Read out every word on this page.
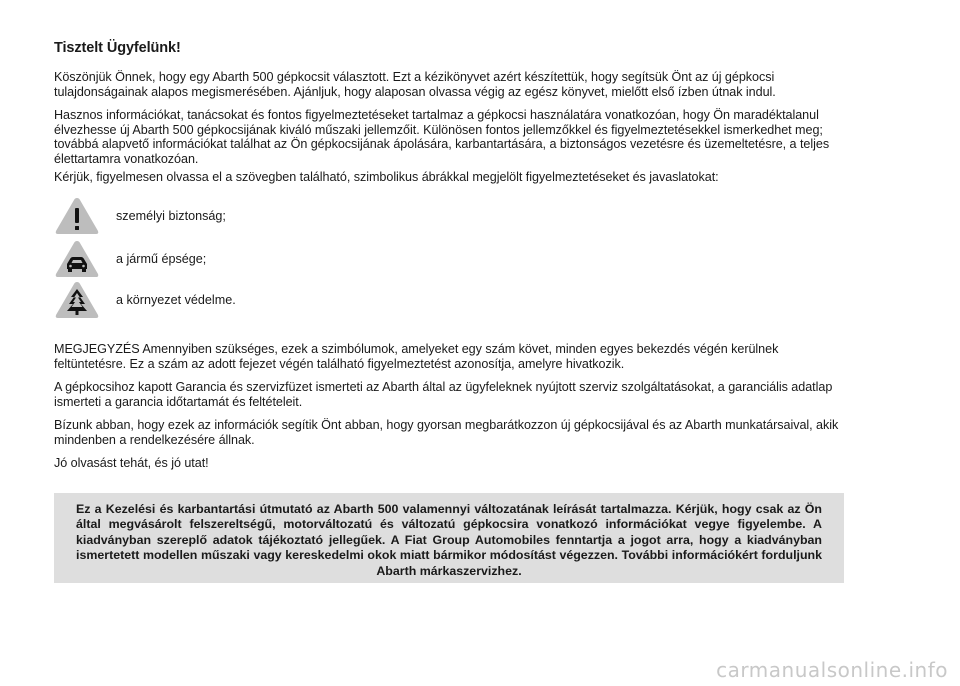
Tisztelt Ügyfelünk!

Köszönjük Önnek, hogy egy Abarth 500 gépkocsit választott. Ezt a kézikönyvet azért készítettük, hogy segítsük Önt az új gépkocsi tulajdonságainak alapos megismerésében. Ajánljuk, hogy alaposan olvassa végig az egész könyvet, mielőtt első ízben útnak indul.

Hasznos információkat, tanácsokat és fontos figyelmeztetéseket tartalmaz a gépkocsi használatára vonatkozóan, hogy Ön maradéktalanul élvezhesse új Abarth 500 gépkocsijának kiváló műszaki jellemzőit. Különösen fontos jellemzőkkel és figyelmeztetésekkel ismerkedhet meg; továbbá alapvető információkat találhat az Ön gépkocsijának ápolására, karbantartására, a biztonságos vezetésre és üzemeltetésre, a teljes élettartamra vonatkozóan.

Kérjük, figyelmesen olvassa el a szövegben található, szimbolikus ábrákkal megjelölt figyelmeztetéseket és javaslatokat:

személyi biztonság;
a jármű épsége;
a környezet védelme.

MEGJEGYZÉS Amennyiben szükséges, ezek a szimbólumok, amelyeket egy szám követ, minden egyes bekezdés végén kerülnek feltüntetésre. Ez a szám az adott fejezet végén található figyelmeztetést azonosítja, amelyre hivatkozik.

A gépkocsihoz kapott Garancia és szervizfüzet ismerteti az Abarth által az ügyfeleknek nyújtott szerviz szolgáltatásokat, a garanciális adatlap ismerteti a garancia időtartamát és feltételeit.

Bízunk abban, hogy ezek az információk segítik Önt abban, hogy gyorsan megbarátkozzon új gépkocsijával és az Abarth munkatársaival, akik mindenben a rendelkezésére állnak.

Jó olvasást tehát, és jó utat!

Ez a Kezelési és karbantartási útmutató az Abarth 500 valamennyi változatának leírását tartalmazza. Kérjük, hogy csak az Ön által megvásárolt felszereltségű, motorváltozatú és változatú gépkocsira vonatkozó információkat vegye figyelembe. A kiadványban szereplő adatok tájékoztató jellegűek. A Fiat Group Automobiles fenntartja a jogot arra, hogy a kiadványban ismertetett modellen műszaki vagy kereskedelmi okok miatt bármikor módosítást végezzen. További információkért forduljunk Abarth márkaszervizhez.
carmanualsonline.info
